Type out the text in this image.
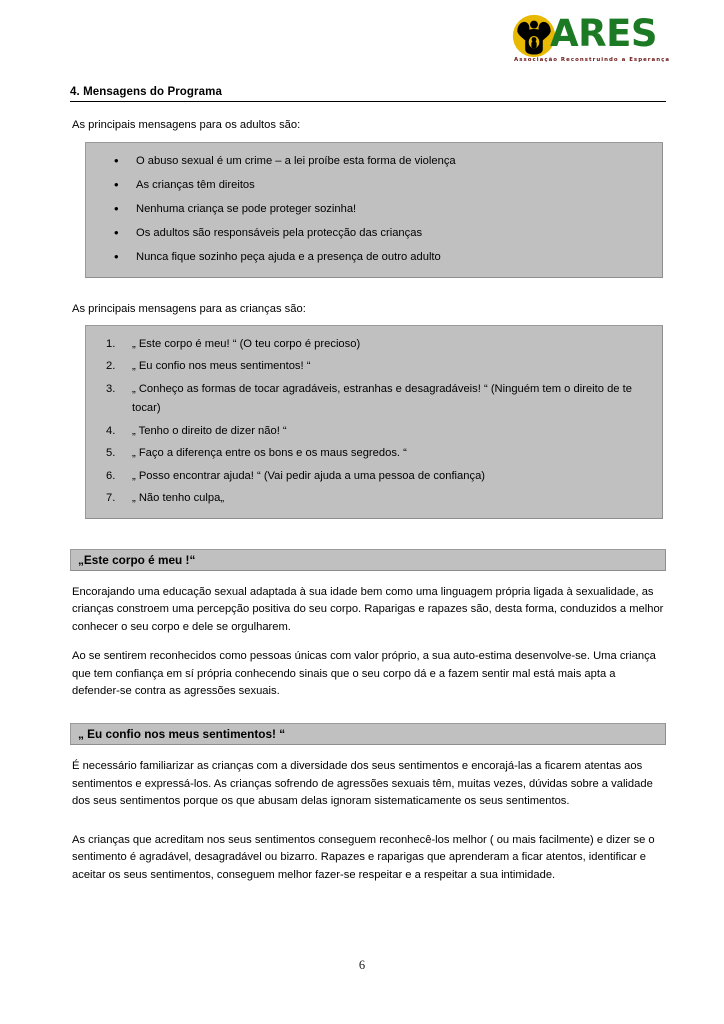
ARES
Associação Reconstruindo a Esperança
4. Mensagens do Programa
As principais mensagens para os adultos são:
• O abuso sexual é um crime – a lei proíbe esta forma de violença
• As crianças têm direitos
• Nenhuma criança se pode proteger sozinha!
• Os adultos são responsáveis pela protecção das crianças
• Nunca fique sozinho peça ajuda e a presença de outro adulto
As principais mensagens para as crianças são:
1.	„ Este corpo é meu! “ (O teu corpo é precioso)
2.	„ Eu confio nos meus sentimentos! “
3.	„ Conheço as formas de tocar agradáveis, estranhas e desagradáveis! “ (Ninguém tem o direito de te tocar)
4.	„ Tenho o direito de dizer não! “
5.	„ Faço a diferença entre os bons e os maus segredos. “
6.	„ Posso encontrar ajuda! “ (Vai pedir ajuda a uma pessoa de confiança)
7.	„ Não tenho culpa„
„Este corpo é meu !“
Encorajando uma educação sexual adaptada à sua idade bem como uma linguagem própria ligada à sexualidade, as crianças constroem uma percepção positiva do seu corpo. Raparigas e rapazes são, desta forma, conduzidos a melhor conhecer o seu corpo e dele se orgulharem.
Ao se sentirem reconhecidos como pessoas únicas com valor próprio, a sua auto-estima desenvolve-se. Uma criança que tem confiança em sí própria conhecendo sinais que o seu corpo dá e a fazem sentir mal está mais apta a defender-se contra as agressões sexuais.
„ Eu confio nos meus sentimentos! “
É necessário familiarizar as crianças com a diversidade dos seus sentimentos e encorajá-las a ficarem atentas aos sentimentos e expressá-los. As crianças sofrendo de agressões sexuais têm, muitas vezes, dúvidas sobre a validade dos seus sentimentos porque os que abusam delas ignoram sistematicamente os seus sentimentos.
As crianças que acreditam nos seus sentimentos conseguem reconhecê-los melhor ( ou mais facilmente) e dizer se o sentimento é agradável, desagradável ou bizarro. Rapazes e raparigas que aprenderam a ficar atentos, identificar e aceitar os seus sentimentos, conseguem melhor fazer-se respeitar e a respeitar a sua intimidade.
6
